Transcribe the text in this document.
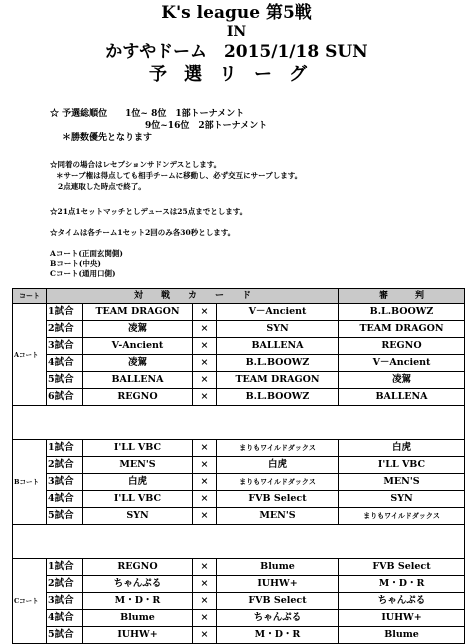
K's league 第5戦
IN
かすやドーム　2015/1/18 SUN
予選リーグ
☆ 予選総順位　　1位~ 8位　1部トーナメント
9位~16位　2部トーナメント
＊勝数優先となります
☆同着の場合はレセプションサドンデスとします。
＊サーブ権は得点しても相手チームに移動し、必ず交互にサーブします。
2点連取した時点で終了。
☆21点1セットマッチとしデュースは25点までとします。
☆タイムは各チーム1セット2回のみ各30秒とします。
Aコート(正面玄関側)
Bコート(中央)
Cコート(通用口側)
コート	対　　戦　　カ　　ー　　ド				審　　　判
Aコート	1試合	TEAM DRAGON	×	V－Ancient	B.L.BOOWZ
	2試合	凌駕	×	SYN	TEAM DRAGON
	3試合	V-Ancient	×	BALLENA	REGNO
	4試合	凌駕	×	B.L.BOOWZ	V－Ancient
	5試合	BALLENA	×	TEAM DRAGON	凌駕
	6試合	REGNO	×	B.L.BOOWZ	BALLENA

Bコート	1試合	I'LL VBC	×	まりもワイルドダックス	白虎
	2試合	MEN'S	×	白虎	I'LL VBC
	3試合	白虎	×	まりもワイルドダックス	MEN'S
	4試合	I'LL VBC	×	FVB Select	SYN
	5試合	SYN	×	MEN'S	まりもワイルドダックス

Cコート	1試合	REGNO	×	Blume	FVB Select
	2試合	ちゃんぷる	×	IUHW+	M・D・R
	3試合	M・D・R	×	FVB Select	ちゃんぷる
	4試合	Blume	×	ちゃんぷる	IUHW+
	5試合	IUHW+	×	M・D・R	Blume
